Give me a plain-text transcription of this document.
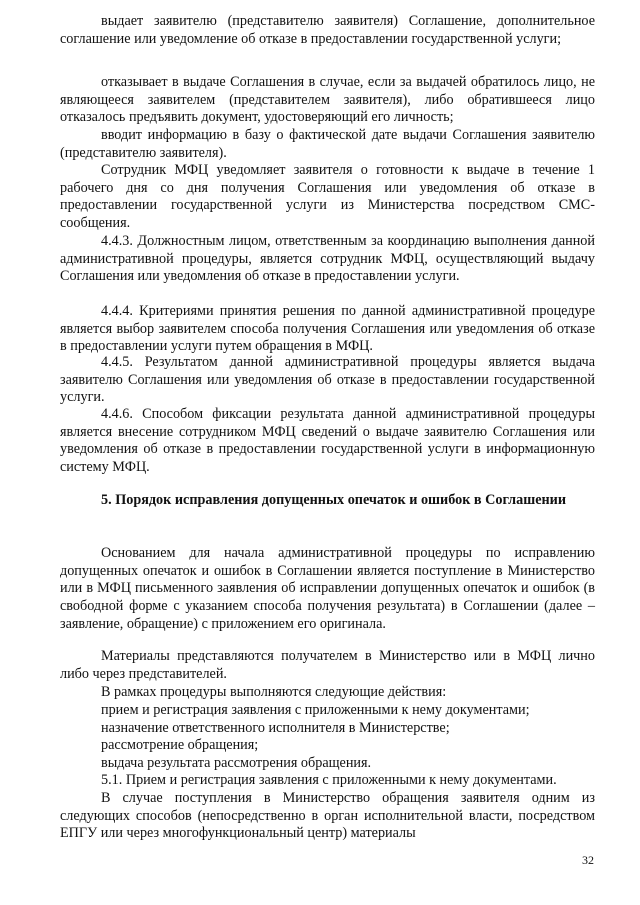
выдает заявителю (представителю заявителя) Соглашение, дополнительное соглашение или уведомление об отказе в предоставлении государственной услуги;

отказывает в выдаче Соглашения в случае, если за выдачей обратилось лицо, не являющееся заявителем (представителем заявителя), либо обратившееся лицо отказалось предъявить документ, удостоверяющий его личность;

вводит информацию в базу о фактической дате выдачи Соглашения заявителю (представителю заявителя).

Сотрудник МФЦ уведомляет заявителя о готовности к выдаче в течение 1 рабочего дня со дня получения Соглашения или уведомления об отказе в предоставлении государственной услуги из Министерства посредством СМС-сообщения.

4.4.3. Должностным лицом, ответственным за координацию выполнения данной административной процедуры, является сотрудник МФЦ, осуществляющий выдачу Соглашения или уведомления об отказе в предоставлении услуги.

4.4.4. Критериями принятия решения по данной административной процедуре является выбор заявителем способа получения Соглашения или уведомления об отказе в предоставлении услуги путем обращения в МФЦ.

4.4.5. Результатом данной административной процедуры является выдача заявителю Соглашения или уведомления об отказе в предоставлении государственной услуги.

4.4.6. Способом фиксации результата данной административной процедуры является внесение сотрудником МФЦ сведений о выдаче заявителю Соглашения или уведомления об отказе в предоставлении государственной услуги в информационную систему МФЦ.

5. Порядок исправления допущенных опечаток и ошибок в Соглашении

Основанием для начала административной процедуры по исправлению допущенных опечаток и ошибок в Соглашении является поступление в Министерство или в МФЦ письменного заявления об исправлении допущенных опечаток и ошибок (в свободной форме с указанием способа получения результата) в Соглашении (далее – заявление, обращение) с приложением его оригинала.

Материалы представляются получателем в Министерство или в МФЦ лично либо через представителей.

В рамках процедуры выполняются следующие действия:

прием и регистрация заявления с приложенными к нему документами;

назначение ответственного исполнителя в Министерстве;

рассмотрение обращения;

выдача результата рассмотрения обращения.

5.1. Прием и регистрация заявления с приложенными к нему документами.

В случае поступления в Министерство обращения заявителя одним из следующих способов (непосредственно в орган исполнительной власти, посредством ЕПГУ или через многофункциональный центр) материалы

32
